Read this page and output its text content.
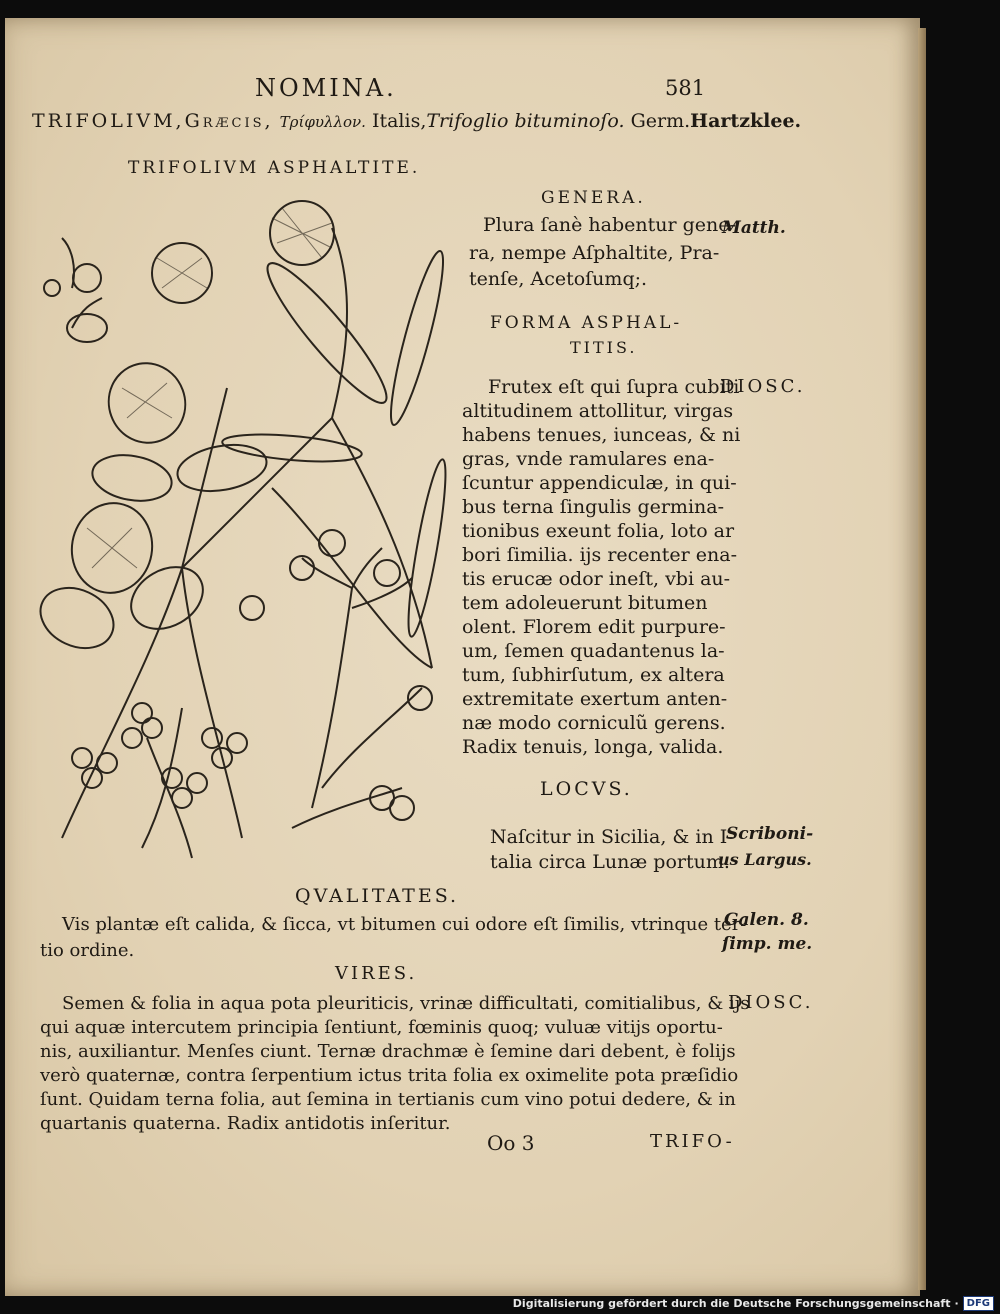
NOMINA.	581
TRIFOLIVM,Græcis, Τρίφυλλον. Italis,Trifoglio bituminoſo. Germ.Hartzklee.
TRIFOLIVM ASPHALTITE.
GENERA.
Plura ſanè habentur gene-
ra, nempe Aſphaltite, Pra-
tenſe, Acetoſumq;.
Matth.
FORMA ASPHAL-
TITIS.
DIOSC.
Frutex eſt qui ſupra cubiti
altitudinem attollitur, virgas
habens tenues, iunceas, & ni
gras, vnde ramulares ena-
ſcuntur appendiculæ, in qui-
bus terna ſingulis germina-
tionibus exeunt folia, loto ar
bori ſimilia. ijs recenter ena-
tis erucæ odor ineſt, vbi au-
tem adoleuerunt bitumen
olent. Florem edit purpure-
um, ſemen quadantenus la-
tum, ſubhirſutum, ex altera
extremitate exertum anten-
næ modo corniculũ gerens.
Radix tenuis, longa, valida.
LOCVS.
Naſcitur in Sicilia, & in I-
talia circa Lunæ portum.
Scriboni-
us Largus.
QVALITATES.
Vis plantæ eſt calida, & ſicca, vt bitumen cui odore eſt ſimilis, vtrinque ter-
tio ordine.
Galen. 8.
ſimp. me.
VIRES.
DIOSC.
Semen & folia in aqua pota pleuriticis, vrinæ difficultati, comitialibus, & ijs
qui aquæ intercutem principia ſentiunt, fœminis quoq; vuluæ vitijs oportu-
nis, auxiliantur. Menſes ciunt. Ternæ drachmæ è ſemine dari debent, è folijs
verò quaternæ, contra ſerpentium ictus trita folia ex oximelite pota præſidio
ſunt. Quidam terna folia, aut ſemina in tertianis cum vino potui dedere, & in
quartanis quaterna. Radix antidotis inſeritur.
Oo 3	TRIFO-
Digitalisierung gefördert durch die Deutsche Forschungsgemeinschaft · DFG
